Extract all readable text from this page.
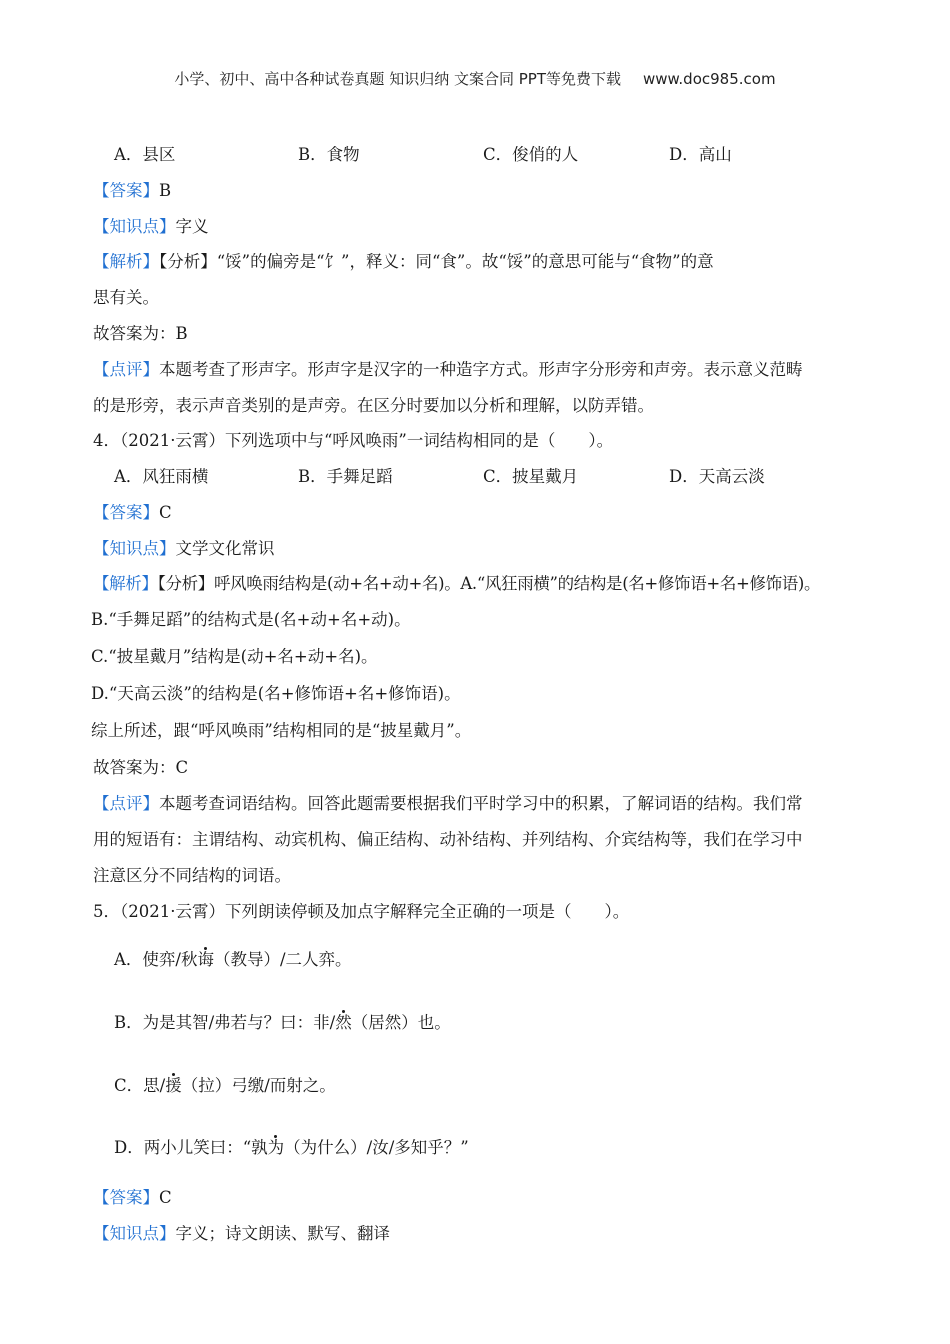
小学、初中、高中各种试卷真题 知识归纳 文案合同 PPT等免费下载 www.doc985.com
A．县区	B．食物	C．俊俏的人	D．高山
【答案】B
【知识点】字义
【解析】【分析】“馁”的偏旁是“饣”，释义：同“食”。故“馁”的意思可能与“食物”的意
思有关。
故答案为：B
【点评】本题考查了形声字。形声字是汉字的一种造字方式。形声字分形旁和声旁。表示意义范畴
的是形旁，表示声音类别的是声旁。在区分时要加以分析和理解，以防弄错。
4．（2021·云霄）下列选项中与“呼风唤雨”一词结构相同的是（　　）。
A．风狂雨横	B．手舞足蹈	C．披星戴月	D．天高云淡
【答案】C
【知识点】文学文化常识
【解析】【分析】呼风唤雨结构是(动+名+动+名)。A.“风狂雨横”的结构是(名+修饰语+名+修饰语)。
B.“手舞足蹈”的结构式是(名+动+名+动)。
C.“披星戴月”结构是(动+名+动+名)。
D.“天高云淡”的结构是(名+修饰语+名+修饰语)。
综上所述，跟“呼风唤雨”结构相同的是“披星戴月”。
故答案为：C
【点评】本题考查词语结构。回答此题需要根据我们平时学习中的积累，了解词语的结构。我们常
用的短语有：主谓结构、动宾机构、偏正结构、动补结构、并列结构、介宾结构等，我们在学习中
注意区分不同结构的词语。
5．（2021·云霄）下列朗读停顿及加点字解释完全正确的一项是（　　）。
A．使弈/秋诲（教导）/二人弈。
B．为是其智/弗若与？曰：非/然（居然）也。
C．思/援（拉）弓缴/而射之。
D．两小儿笑曰：“孰为（为什么）/汝/多知乎？”
【答案】C
【知识点】字义；诗文朗读、默写、翻译
